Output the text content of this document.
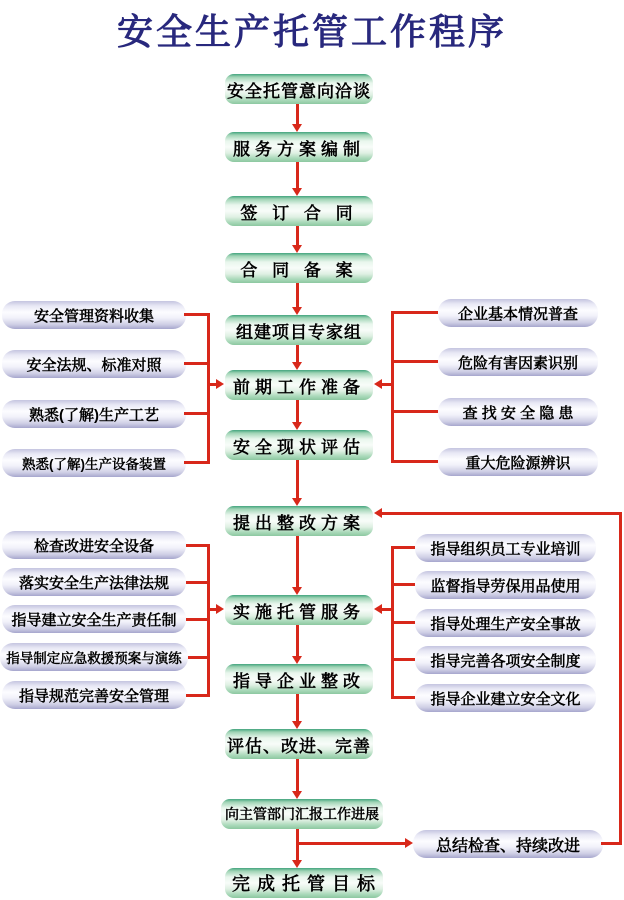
安全生产托管工作程序
安全托管意向洽谈
服务方案编制
签 订 合 同
合 同 备 案
组建项目专家组
前期工作准备
安全现状评估
提出整改方案
实施托管服务
指导企业整改
评估、改进、完善
向主管部门汇报工作进展
完 成 托 管 目 标
安全管理资料收集
安全法规、标准对照
熟悉(了解)生产工艺
熟悉(了解)生产设备装置
企业基本情况普查
危险有害因素识别
查 找 安 全 隐 患
重大危险源辨识
检查改进安全设备
落实安全生产法律法规
指导建立安全生产责任制
指导制定应急救援预案与演练
指导规范完善安全管理
指导组织员工专业培训
监督指导劳保用品使用
指导处理生产安全事故
指导完善各项安全制度
指导企业建立安全文化
总结检查、持续改进
